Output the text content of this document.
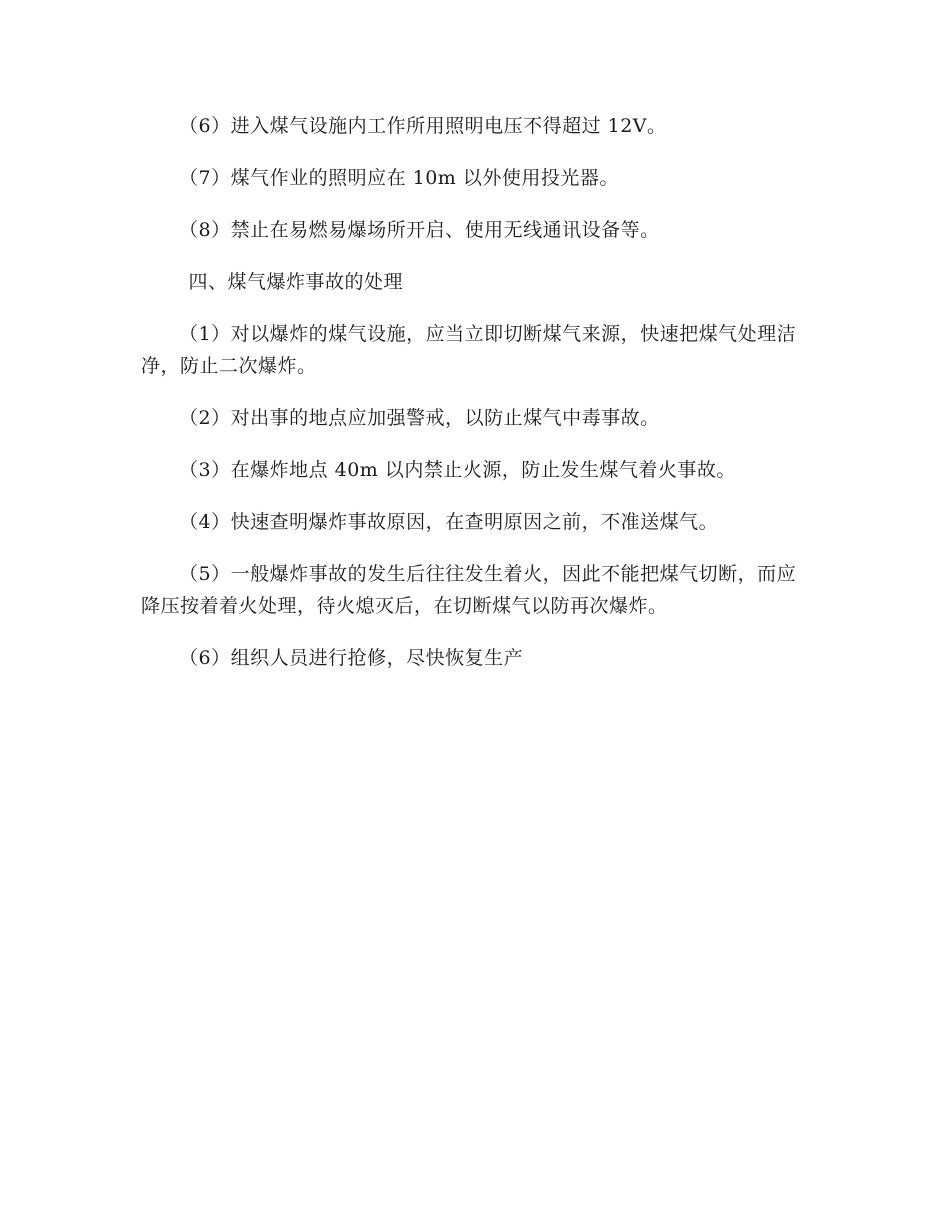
（6）进入煤气设施内工作所用照明电压不得超过 12V。

（7）煤气作业的照明应在 10m 以外使用投光器。

（8）禁止在易燃易爆场所开启、使用无线通讯设备等。

四、煤气爆炸事故的处理

（1）对以爆炸的煤气设施，应当立即切断煤气来源，快速把煤气处理洁净，防止二次爆炸。

（2）对出事的地点应加强警戒，以防止煤气中毒事故。

（3）在爆炸地点 40m 以内禁止火源，防止发生煤气着火事故。

（4）快速查明爆炸事故原因，在查明原因之前，不准送煤气。

（5）一般爆炸事故的发生后往往发生着火，因此不能把煤气切断，而应降压按着着火处理，待火熄灭后，在切断煤气以防再次爆炸。

（6）组织人员进行抢修，尽快恢复生产
